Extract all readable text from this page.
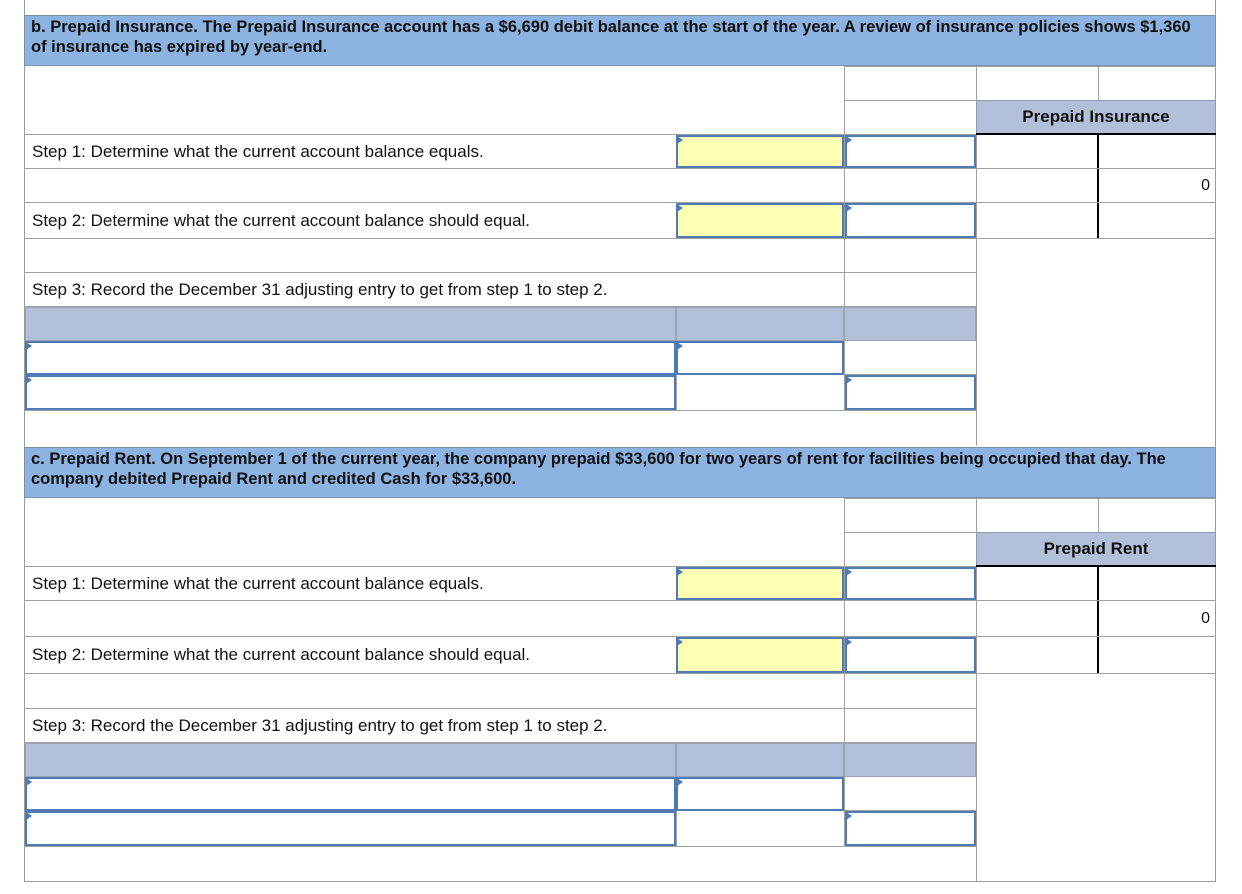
b. Prepaid Insurance. The Prepaid Insurance account has a $6,690 debit balance at the start of the year. A review of insurance policies shows $1,360 of insurance has expired by year-end.
Step 1: Determine what the current account balance equals.
Step 2: Determine what the current account balance should equal.
Step 3: Record the December 31 adjusting entry to get from step 1 to step 2.
Prepaid Insurance
0
c. Prepaid Rent. On September 1 of the current year, the company prepaid $33,600 for two years of rent for facilities being occupied that day. The company debited Prepaid Rent and credited Cash for $33,600.
Step 1: Determine what the current account balance equals.
Step 2: Determine what the current account balance should equal.
Step 3: Record the December 31 adjusting entry to get from step 1 to step 2.
Prepaid Rent
0
